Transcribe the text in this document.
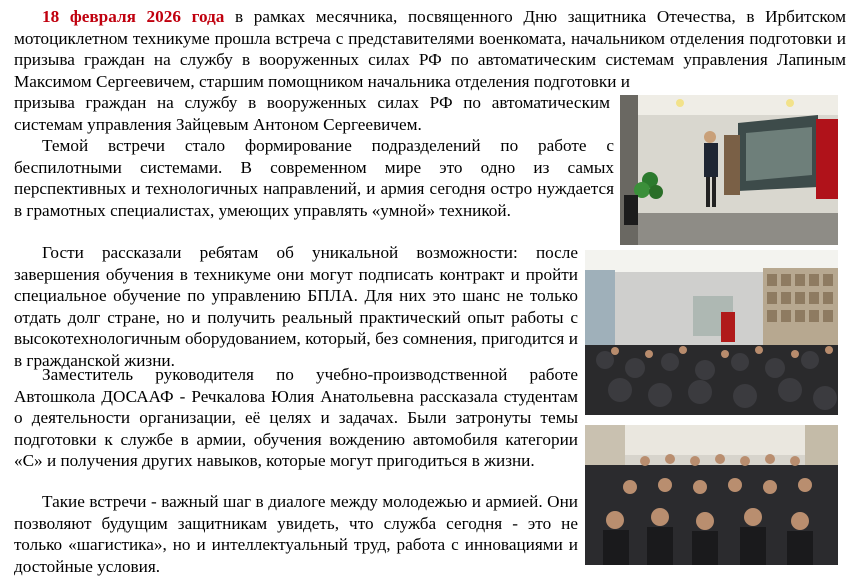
18 февраля 2026 года в рамках месячника, посвященного Дню защитника Отечества, в Ирбитском мотоциклетном техникуме прошла встреча с представителями военкомата, начальником отделения подготовки и призыва граждан на службу в вооруженных силах РФ по автоматическим системам управления Лапиным Максимом Сергеевичем, старшим помощником начальника отделения подготовки и

призыва граждан на службу в вооруженных силах РФ по автоматическим системам управления Зайцевым Антоном Сергеевичем.

Темой встречи стало формирование подразделений по работе с беспилотными системами. В современном мире это одно из самых перспективных и технологичных направлений, и армия сегодня остро нуждается в грамотных специалистах, умеющих управлять «умной» техникой.

Гости рассказали ребятам об уникальной возможности: после завершения обучения в техникуме они могут подписать контракт и пройти специальное обучение по управлению БПЛА. Для них это шанс не только отдать долг стране, но и получить реальный практический опыт работы с высокотехнологичным оборудованием, который, без сомнения, пригодится и в гражданской жизни.

Заместитель руководителя по учебно-производственной работе Автошкола ДОСААФ - Речкалова Юлия Анатольевна рассказала студентам о деятельности организации, её целях и задачах. Были затронуты темы подготовки к службе в армии, обучения вождению автомобиля категории «С» и получения других навыков, которые могут пригодиться в жизни.

Такие встречи - важный шаг в диалоге между молодежью и армией. Они позволяют будущим защитникам увидеть, что служба сегодня - это не только «шагистика», но и интеллектуальный труд, работа с инновациями и достойные условия.
